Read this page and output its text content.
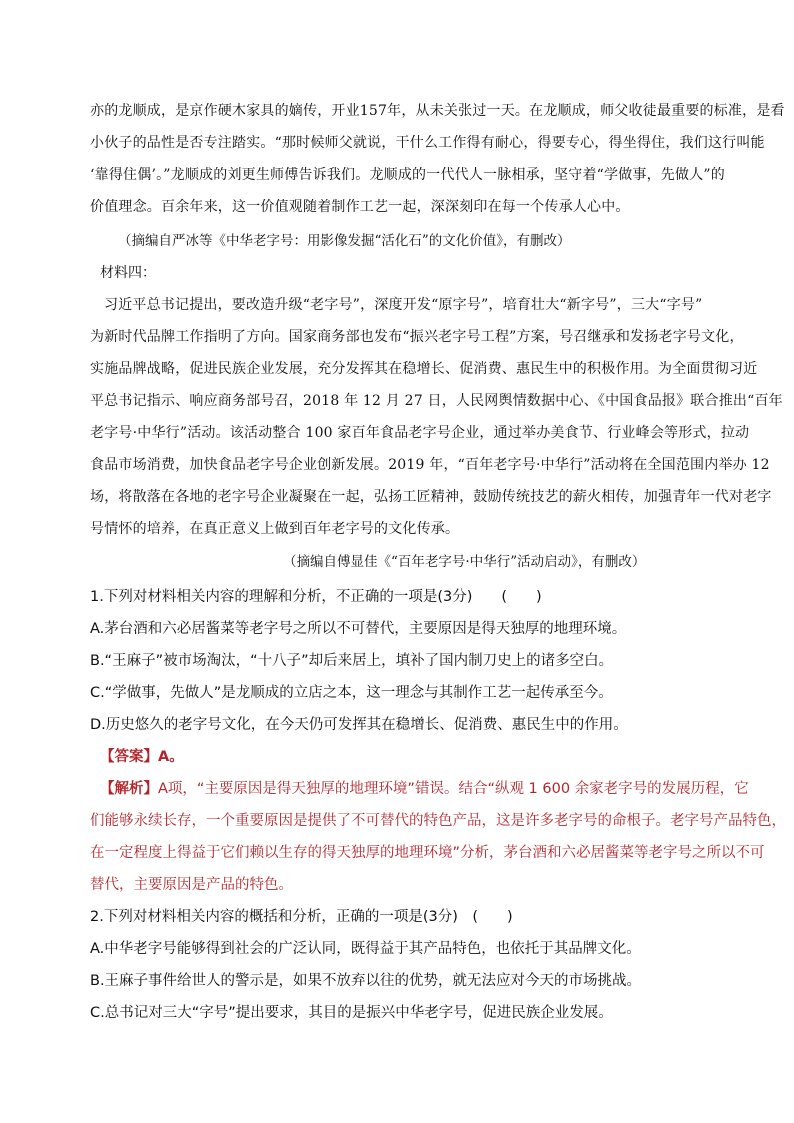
亦的龙顺成，是京作硬木家具的嫡传，开业157年，从未关张过一天。在龙顺成，师父收徒最重要的标准，是看
小伙子的品性是否专注踏实。“那时候师父就说，干什么工作得有耐心，得要专心，得坐得住，我们这行叫能
‘靠得住偶’。”龙顺成的刘更生师傅告诉我们。龙顺成的一代代人一脉相承，坚守着“学做事，先做人”的
价值理念。百余年来，这一价值观随着制作工艺一起，深深刻印在每一个传承人心中。
（摘编自严冰等《中华老字号：用影像发掘“活化石”的文化价值》，有删改）
材料四：
习近平总书记提出，要改造升级“老字号”，深度开发“原字号”，培育壮大“新字号”，三大“字号”
为新时代品牌工作指明了方向。国家商务部也发布“振兴老字号工程”方案，号召继承和发扬老字号文化，
实施品牌战略，促进民族企业发展，充分发挥其在稳增长、促消费、惠民生中的积极作用。为全面贯彻习近
平总书记指示、响应商务部号召，2018 年 12 月 27 日，人民网舆情数据中心、《中国食品报》联合推出“百年
老字号·中华行”活动。该活动整合 100 家百年食品老字号企业，通过举办美食节、行业峰会等形式，拉动
食品市场消费，加快食品老字号企业创新发展。2019 年，“百年老字号·中华行”活动将在全国范围内举办 12
场，将散落在各地的老字号企业凝聚在一起，弘扬工匠精神，鼓励传统技艺的薪火相传，加强青年一代对老字
号情怀的培养，在真正意义上做到百年老字号的文化传承。
（摘编自傅显佳《“百年老字号·中华行”活动启动》，有删改）
1.下列对材料相关内容的理解和分析，不正确的一项是(3分)　　(　　)
A.茅台酒和六必居酱菜等老字号之所以不可替代，主要原因是得天独厚的地理环境。
B.“王麻子”被市场淘汰，“十八子”却后来居上，填补了国内制刀史上的诸多空白。
C.“学做事，先做人”是龙顺成的立店之本，这一理念与其制作工艺一起传承至今。
D.历史悠久的老字号文化，在今天仍可发挥其在稳增长、促消费、惠民生中的作用。
【答案】A。
【解析】A项，“主要原因是得天独厚的地理环境”错误。结合“纵观 1 600 余家老字号的发展历程，它
们能够永续长存，一个重要原因是提供了不可替代的特色产品，这是许多老字号的命根子。老字号产品特色，
在一定程度上得益于它们赖以生存的得天独厚的地理环境”分析，茅台酒和六必居酱菜等老字号之所以不可
替代，主要原因是产品的特色。
2.下列对材料相关内容的概括和分析，正确的一项是(3分)　(　　)
A.中华老字号能够得到社会的广泛认同，既得益于其产品特色，也依托于其品牌文化。
B.王麻子事件给世人的警示是，如果不放弃以往的优势，就无法应对今天的市场挑战。
C.总书记对三大“字号”提出要求，其目的是振兴中华老字号，促进民族企业发展。
